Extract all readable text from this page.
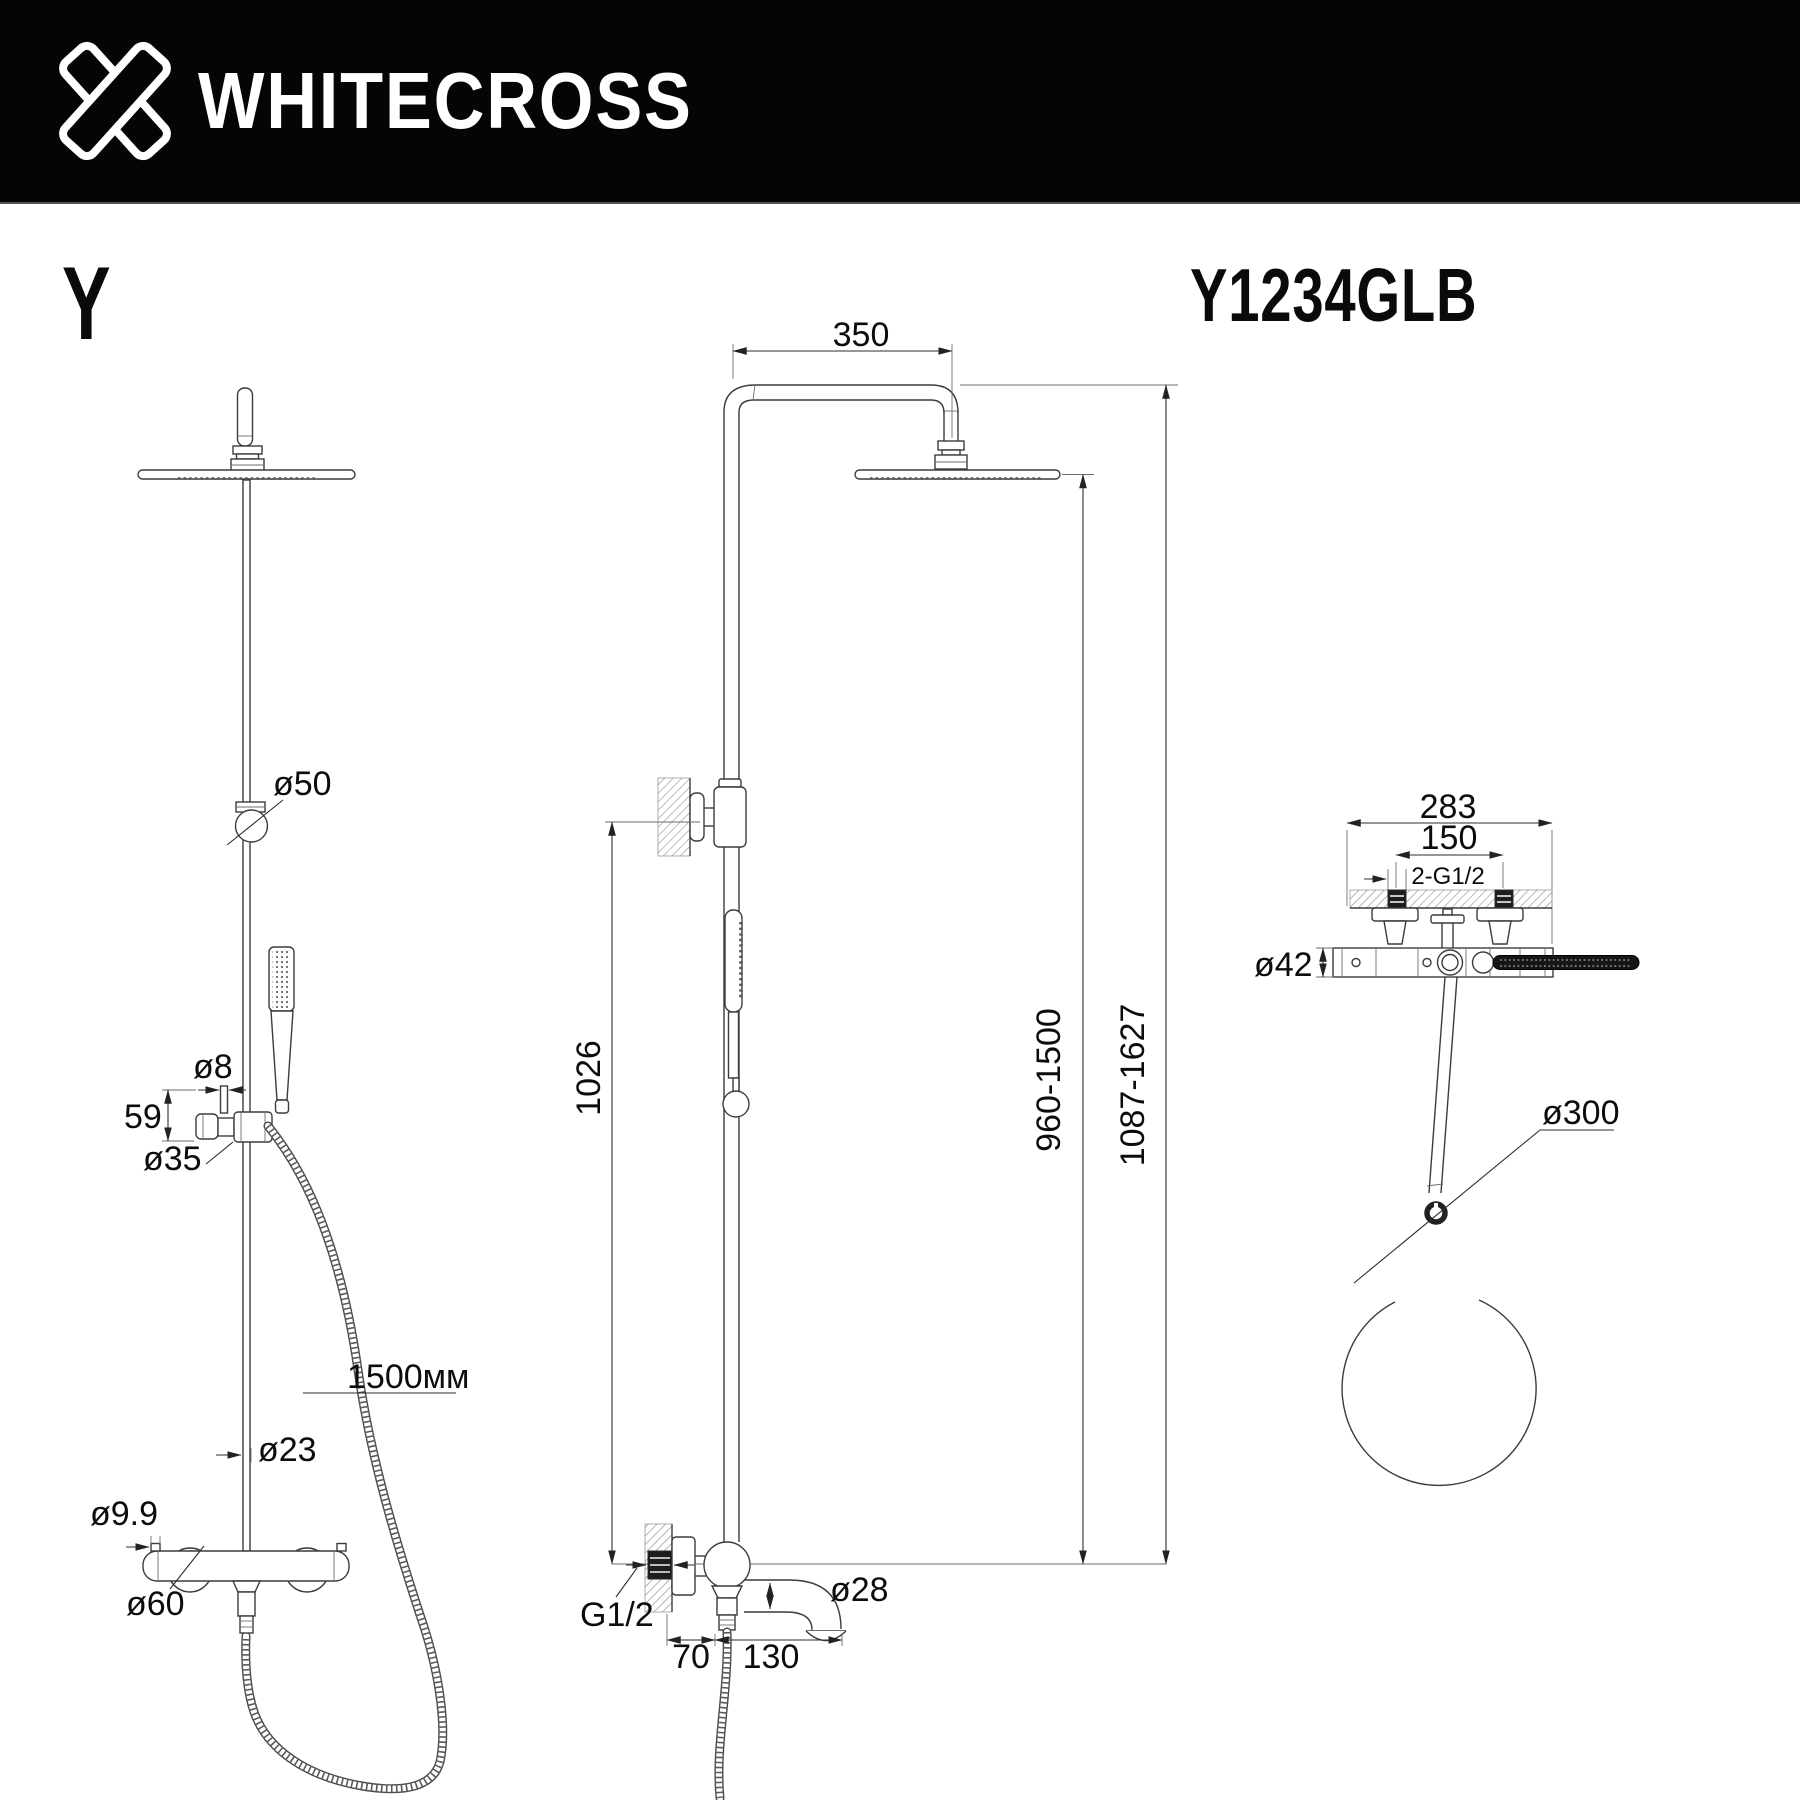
WHITECROSS
Y	Y1234GLB
ø50
ø8
59
ø35
1500мм
ø23
ø9.9
ø60
350
1026	960-1500 1087-1627
ø28
G1/2
70 130
283
150
2-G1/2
ø42
ø300
